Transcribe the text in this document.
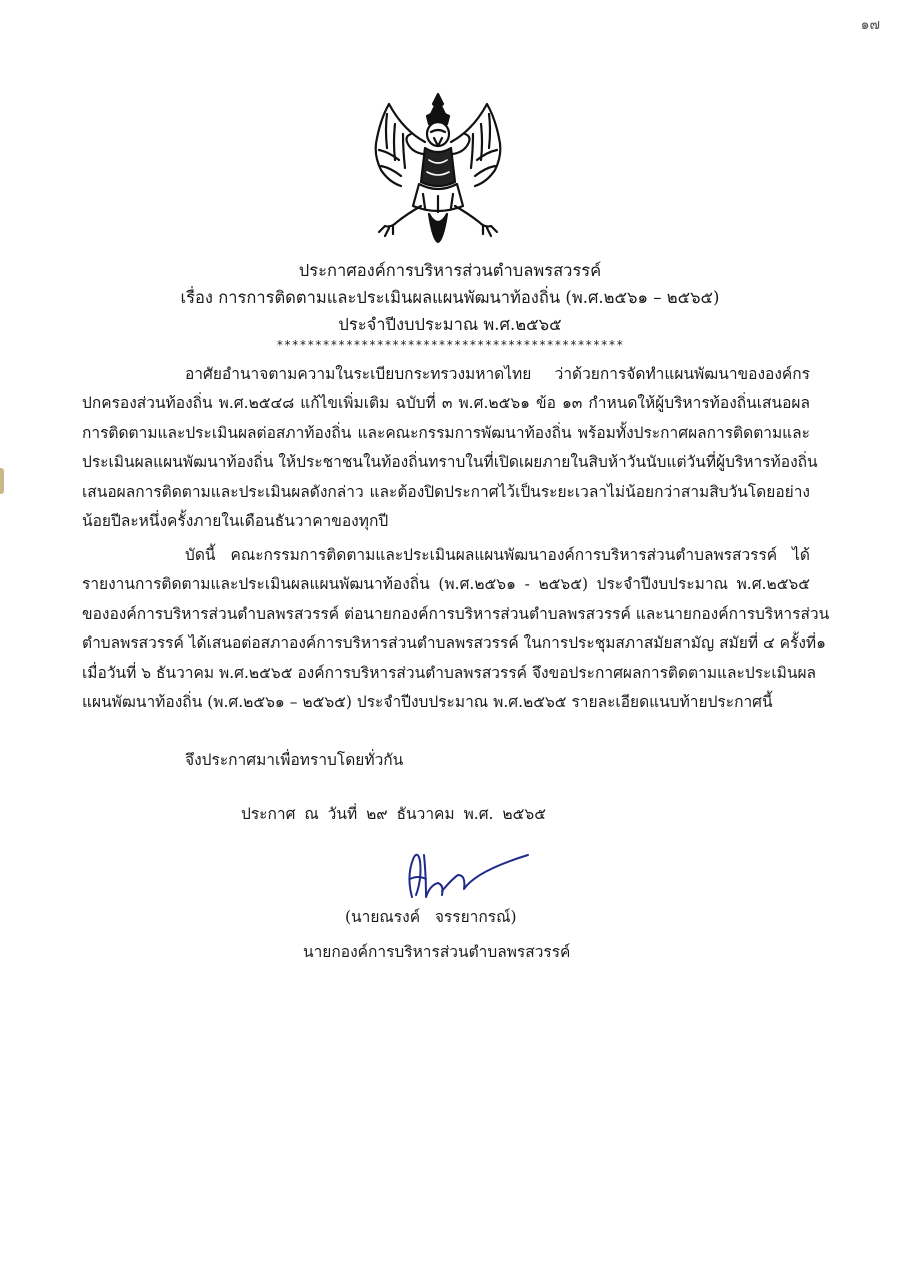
๑๗
ประกาศองค์การบริหารส่วนตำบลพรสวรรค์
เรื่อง การการติดตามและประเมินผลแผนพัฒนาท้องถิ่น (พ.ศ.๒๕๖๑ – ๒๕๖๕)
ประจำปีงบประมาณ พ.ศ.๒๕๖๕
*********************************************
อาศัยอำนาจตามความในระเบียบกระทรวงมหาดไทย ว่าด้วยการจัดทำแผนพัฒนาขององค์กร
ปกครองส่วนท้องถิ่น พ.ศ.๒๕๔๘ แก้ไขเพิ่มเติม ฉบับที่ ๓ พ.ศ.๒๕๖๑ ข้อ ๑๓ กำหนดให้ผู้บริหารท้องถิ่นเสนอผล
การติดตามและประเมินผลต่อสภาท้องถิ่น และคณะกรรมการพัฒนาท้องถิ่น พร้อมทั้งประกาศผลการติดตามและ
ประเมินผลแผนพัฒนาท้องถิ่น ให้ประชาชนในท้องถิ่นทราบในที่เปิดเผยภายในสิบห้าวันนับแต่วันที่ผู้บริหารท้องถิ่น
เสนอผลการติดตามและประเมินผลดังกล่าว และต้องปิดประกาศไว้เป็นระยะเวลาไม่น้อยกว่าสามสิบวันโดยอย่าง
น้อยปีละหนึ่งครั้งภายในเดือนธันวาคาของทุกปี
บัดนี้ คณะกรรมการติดตามและประเมินผลแผนพัฒนาองค์การบริหารส่วนตำบลพรสวรรค์ ได้
รายงานการติดตามและประเมินผลแผนพัฒนาท้องถิ่น (พ.ศ.๒๕๖๑ - ๒๕๖๕) ประจำปีงบประมาณ พ.ศ.๒๕๖๕
ขององค์การบริหารส่วนตำบลพรสวรรค์ ต่อนายกองค์การบริหารส่วนตำบลพรสวรรค์ และนายกองค์การบริหารส่วน
ตำบลพรสวรรค์ ได้เสนอต่อสภาองค์การบริหารส่วนตำบลพรสวรรค์ ในการประชุมสภาสมัยสามัญ สมัยที่ ๔ ครั้งที่๑
เมื่อวันที่ ๖ ธันวาคม พ.ศ.๒๕๖๕ องค์การบริหารส่วนตำบลพรสวรรค์ จึงขอประกาศผลการติดตามและประเมินผล
แผนพัฒนาท้องถิ่น (พ.ศ.๒๕๖๑ – ๒๕๖๕) ประจำปีงบประมาณ พ.ศ.๒๕๖๕ รายละเอียดแนบท้ายประกาศนี้
จึงประกาศมาเพื่อทราบโดยทั่วกัน
ประกาศ ณ วันที่ ๒๙ ธันวาคม พ.ศ. ๒๕๖๕
(นายณรงค์   จรรยากรณ์)
นายกองค์การบริหารส่วนตำบลพรสวรรค์
